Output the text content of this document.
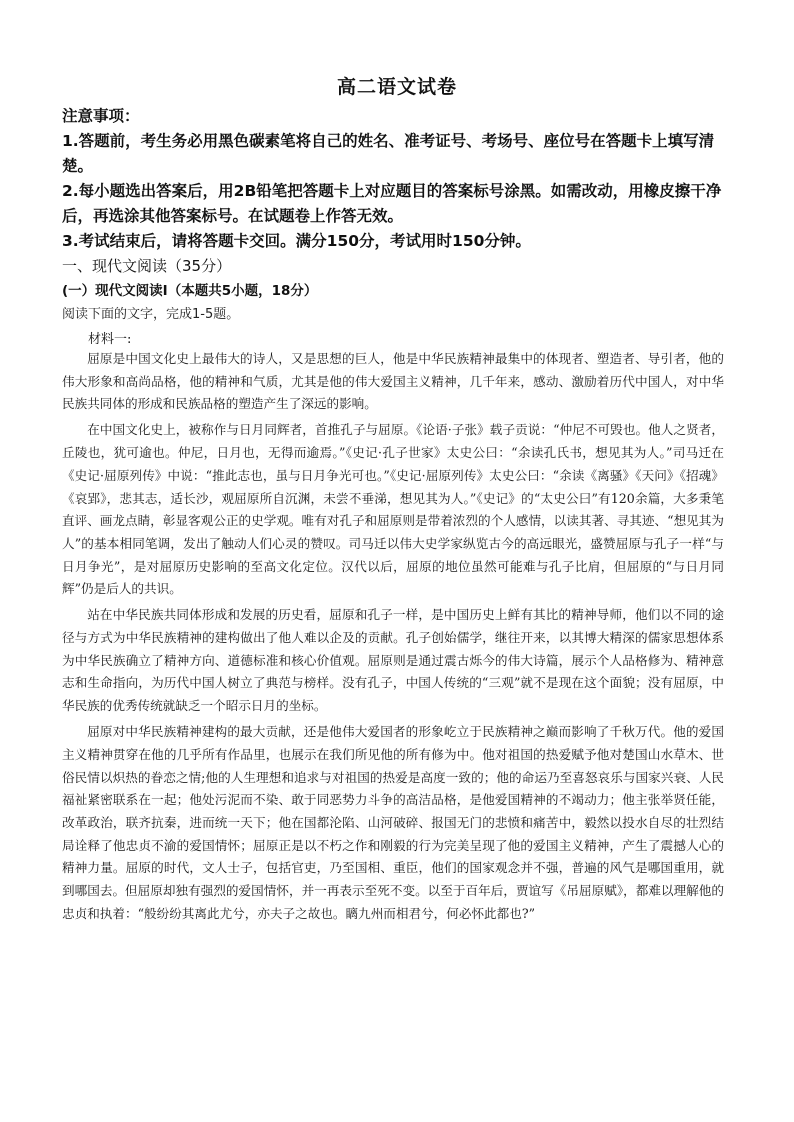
高二语文试卷
注意事项：
1.答题前，考生务必用黑色碳素笔将自己的姓名、准考证号、考场号、座位号在答题卡上填写清楚。
2.每小题选出答案后，用2B铅笔把答题卡上对应题目的答案标号涂黑。如需改动，用橡皮擦干净后，再选涂其他答案标号。在试题卷上作答无效。
3.考试结束后，请将答题卡交回。满分150分，考试用时150分钟。
一、现代文阅读（35分）
(一）现代文阅读Ⅰ（本题共5小题，18分）
阅读下面的文字，完成1-5题。
材料一:

屈原是中国文化史上最伟大的诗人，又是思想的巨人，他是中华民族精神最集中的体现者、塑造者、导引者，他的伟大形象和高尚品格，他的精神和气质，尤其是他的伟大爱国主义精神，几千年来，感动、激励着历代中国人，对中华民族共同体的形成和民族品格的塑造产生了深远的影响。

在中国文化史上，被称作与日月同辉者，首推孔子与屈原。《论语·子张》载子贡说：“仲尼不可毁也。他人之贤者，丘陵也，犹可逾也。仲尼，日月也，无得而逾焉。”《史记·孔子世家》太史公曰：“余读孔氏书，想见其为人。”司马迁在《史记·屈原列传》中说：“推此志也，虽与日月争光可也。”《史记·屈原列传》太史公曰：“余读《离骚》《天问》《招魂》《哀郢》，悲其志，适长沙，观屈原所自沉渊，未尝不垂涕，想见其为人。”《史记》的“太史公曰”有120余篇，大多秉笔直评、画龙点睛，彰显客观公正的史学观。唯有对孔子和屈原则是带着浓烈的个人感情，以读其著、寻其迹、“想见其为人”的基本相同笔调，发出了触动人们心灵的赞叹。司马迁以伟大史学家纵览古今的高远眼光，盛赞屈原与孔子一样“与日月争光”，是对屈原历史影响的至高文化定位。汉代以后，屈原的地位虽然可能难与孔子比肩，但屈原的“与日月同辉”仍是后人的共识。

站在中华民族共同体形成和发展的历史看，屈原和孔子一样，是中国历史上鲜有其比的精神导师，他们以不同的途径与方式为中华民族精神的建构做出了他人难以企及的贡献。孔子创始儒学，继往开来，以其博大精深的儒家思想体系为中华民族确立了精神方向、道德标准和核心价值观。屈原则是通过震古烁今的伟大诗篇，展示个人品格修为、精神意志和生命指向，为历代中国人树立了典范与榜样。没有孔子，中国人传统的“三观”就不是现在这个面貌；没有屈原，中华民族的优秀传统就缺乏一个昭示日月的坐标。

屈原对中华民族精神建构的最大贡献，还是他伟大爱国者的形象屹立于民族精神之巅而影响了千秋万代。他的爱国主义精神贯穿在他的几乎所有作品里，也展示在我们所见他的所有修为中。他对祖国的热爱赋予他对楚国山水草木、世俗民情以炽热的眷恋之情;他的人生理想和追求与对祖国的热爱是高度一致的；他的命运乃至喜怒哀乐与国家兴衰、人民福祉紧密联系在一起；他处污泥而不染、敢于同恶势力斗争的高洁品格，是他爱国精神的不竭动力；他主张举贤任能，改革政治，联齐抗秦，进而统一天下；他在国都沦陷、山河破碎、报国无门的悲愤和痛苦中，毅然以投水自尽的壮烈结局诠释了他忠贞不渝的爱国情怀；屈原正是以不朽之作和刚毅的行为完美呈现了他的爱国主义精神，产生了震撼人心的精神力量。屈原的时代，文人士子，包括官吏，乃至国相、重臣，他们的国家观念并不强，普遍的风气是哪国重用，就到哪国去。但屈原却独有强烈的爱国情怀，并一再表示至死不变。以至于百年后，贾谊写《吊屈原赋》，都难以理解他的忠贞和执着：“般纷纷其离此尤兮，亦夫子之故也。瞝九州而相君兮，何必怀此都也?”
